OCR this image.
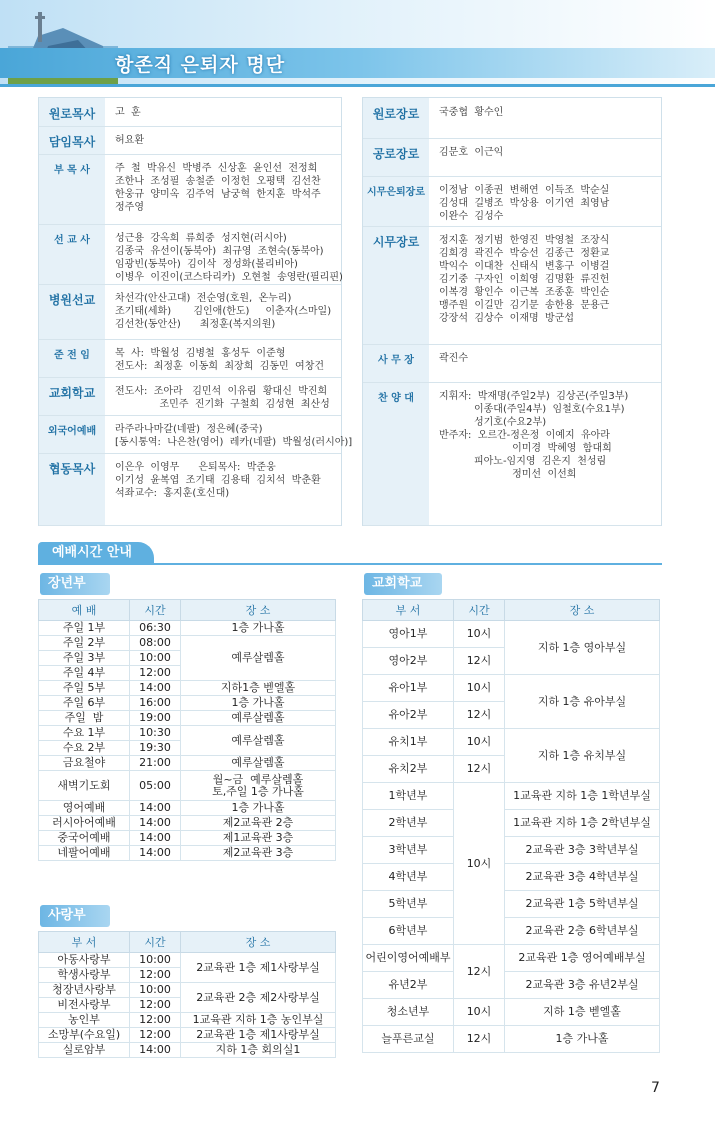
항존직 은퇴자 명단
원로목사	고  훈
담임목사	허요환
부 목 사	주  철  박유신  박병주  신상훈  윤인선  전정희
조한나  조성필  송철준  이정헌  오평택  김선찬
한웅규  양미옥  김주억  남궁혁  한지훈  박석주
정주영
선 교 사	성근용  강옥희  류희중  성지현(러시아)
김종국  유선이(동북아)  최규영  조현숙(동북아)
임광빈(동북아)  김이삭  정성화(볼리비아)
이병우  이진이(코스타리카)  오현철  송영란(필리핀)
병원선교	차선각(안산고대)  전순영(호원,  온누리)
조기태(세화)       김인애(한도)     이춘자(스마일)
김선찬(동안산)      최정훈(복지의원)
준 전 임	목  사:  박월성  김병철  홍성두  이준형
전도사:  최정훈  이동희  최장희  김동민  여창건
교회학교	전도사:  조아라   김민석  이유림  황대신  박진희
조민주  진기화  구철희  김성현  최산성
외국어예배	라주라나마갈(네팔)  정은혜(중국)
[동시통역:  나은찬(영어)  레카(네팔)  박월성(러시아)]
협동목사	이은우  이영무      은퇴목사:  박준웅
이기성  윤복엽  조기태  김용태  김치석  박춘환
석좌교수:  홍지훈(호신대)
원로장로	국중협  황수인
공로장로	김문호  이근익
시무은퇴장로	이정남  이종권  변해연  이득조  박순실
김성대  길병조  박상용  이기연  최영남
이완수  김성수
시무장로	정지훈  정기범  한영진  박영철  조장식
김희경  곽진수  박승선  김종근  정환교
박익수  이대찬  신태식  변홍구  이병걸
김기중  구자인  이희영  김명환  류진헌
이복경  황인수  이근복  조종훈  박인순
맹주원  이길만  김기문  송한용  문용근
강장석  김상수  이재명  방군섭
사 무 장	곽진수
찬 양 대	지휘자:  박재명(주일2부)  김상곤(주일3부)
이종대(주일4부)  임철호(수요1부)
성기호(수요2부)
반주자:  오르간-정은정  이예지  유아라
이미경  박혜영  함대희
피아노-임지영  김은지  천성림
정미선  이선희
예배시간 안내
장년부
예 배	시간	장 소
주일 1부	06:30	1층 가나홀
주일 2부	08:00	예루살렘홀
주일 3부	10:00	
주일 4부	12:00	
주일 5부	14:00	지하1층 벧엘홀
주일 6부	16:00	1층 가나홀
주일  밤	19:00	예루살렘홀
수요 1부	10:30	예루살렘홀
수요 2부	19:30	
금요철야	21:00	예루살렘홀
새벽기도회	05:00	월~금  예루살렘홀
토,주일 1층 가나홀
영어예배	14:00	1층 가나홀
러시아어예배	14:00	제2교육관 2층
중국어예배	14:00	제1교육관 3층
네팔어예배	14:00	제2교육관 3층
사랑부
부 서	시간	장 소
아동사랑부	10:00	2교육관 1층 제1사랑부실
학생사랑부	12:00	
청장년사랑부	10:00	2교육관 2층 제2사랑부실
비전사랑부	12:00	
농인부	12:00	1교육관 지하 1층 농인부실
소망부(수요일)	12:00	2교육관 1층 제1사랑부실
실로암부	14:00	지하 1층 회의실1
교회학교
부 서	시간	장 소
영아1부	10시	지하 1층 영아부실
영아2부	12시	
유아1부	10시	지하 1층 유아부실
유아2부	12시	
유치1부	10시	지하 1층 유치부실
유치2부	12시	
1학년부	10시	1교육관 지하 1층 1학년부실
2학년부		1교육관 지하 1층 2학년부실
3학년부		2교육관 3층 3학년부실
4학년부		2교육관 3층 4학년부실
5학년부		2교육관 1층 5학년부실
6학년부		2교육관 2층 6학년부실
어린이영어예배부	12시	2교육관 1층 영어예배부실
유년2부		2교육관 3층 유년2부실
청소년부	10시	지하 1층 벧엘홀
늘푸른교실	12시	1층 가나홀
7
